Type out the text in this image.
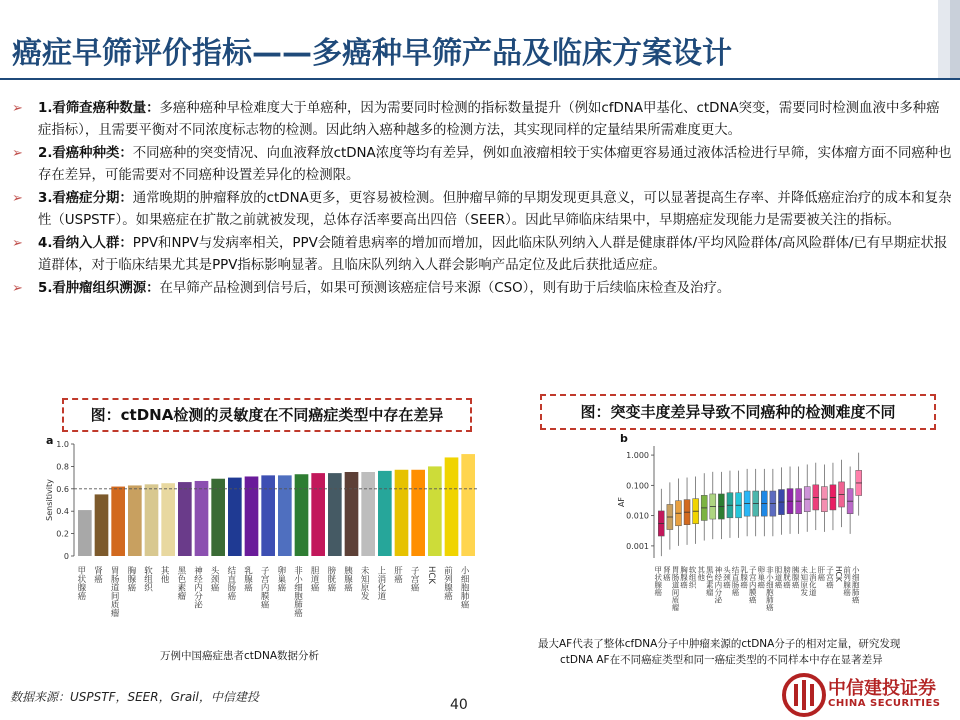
癌症早筛评价指标——多癌种早筛产品及临床方案设计
➢ 1.看筛查癌种数量：多癌种癌种早检难度大于单癌种，因为需要同时检测的指标数量提升（例如cfDNA甲基化、ctDNA突变，需要同时检测血液中多种癌症指标），且需要平衡对不同浓度标志物的检测。因此纳入癌种越多的检测方法，其实现同样的定量结果所需难度更大。
➢ 2.看癌种种类：不同癌种的突变情况、向血液释放ctDNA浓度等均有差异，例如血液瘤相较于实体瘤更容易通过液体活检进行早筛，实体瘤方面不同癌种也存在差异，可能需要对不同癌种设置差异化的检测限。
➢ 3.看癌症分期：通常晚期的肿瘤释放的ctDNA更多，更容易被检测。但肿瘤早筛的早期发现更具意义，可以显著提高生存率、并降低癌症治疗的成本和复杂性（USPSTF）。如果癌症在扩散之前就被发现，总体存活率要高出四倍（SEER）。因此早筛临床结果中，早期癌症发现能力是需要被关注的指标。
➢ 4.看纳入人群：PPV和NPV与发病率相关，PPV会随着患病率的增加而增加，因此临床队列纳入人群是健康群体/平均风险群体/高风险群体/已有早期症状报道群体，对于临床结果尤其是PPV指标影响显著。且临床队列纳入人群会影响产品定位及此后获批适应症。
➢ 5.看肿瘤组织溯源：在早筛产品检测到信号后，如果可预测该癌症信号来源（CSO），则有助于后续临床检查及治疗。
图：ctDNA检测的灵敏度在不同癌症类型中存在差异	图：突变丰度差异导致不同癌种的检测难度不同
a	b
0
0.2
0.4
0.6
0.8
1.0
Sensitivity
甲状腺癌 肾癌 胃肠道间质瘤 胸腺癌 软组织 其他 黑色素瘤 神经内分泌 头颈癌 结直肠癌 乳腺癌 子宫内膜癌 卵巢癌 非小细胞肺癌 胆道癌 膀胱癌 胰腺癌 未知原发 上消化道 肝癌 子宫癌 HCK 前列腺癌 小细胞肺癌
0.001
0.010
0.100
1.000
AF
甲状腺癌 肾癌 胃肠道间质瘤 胸腺癌 软组织 其他 黑色素瘤 神经内分泌 头颈癌 结直肠癌 乳腺癌 子宫内膜癌 卵巢癌 非小细胞肺癌 胆道癌 膀胱癌 胰腺癌 未知原发 上消化道 肝癌 子宫癌 HCK 前列腺癌 小细胞肺癌
万例中国癌症患者ctDNA数据分析
最大AF代表了整体cfDNA分子中肿瘤来源的ctDNA分子的相对定量，研究发现
ctDNA AF在不同癌症类型和同一癌症类型的不同样本中存在显著差异
数据来源：USPSTF，SEER，Grail，中信建投	40
中信建投证券
CHINA SECURITIES
